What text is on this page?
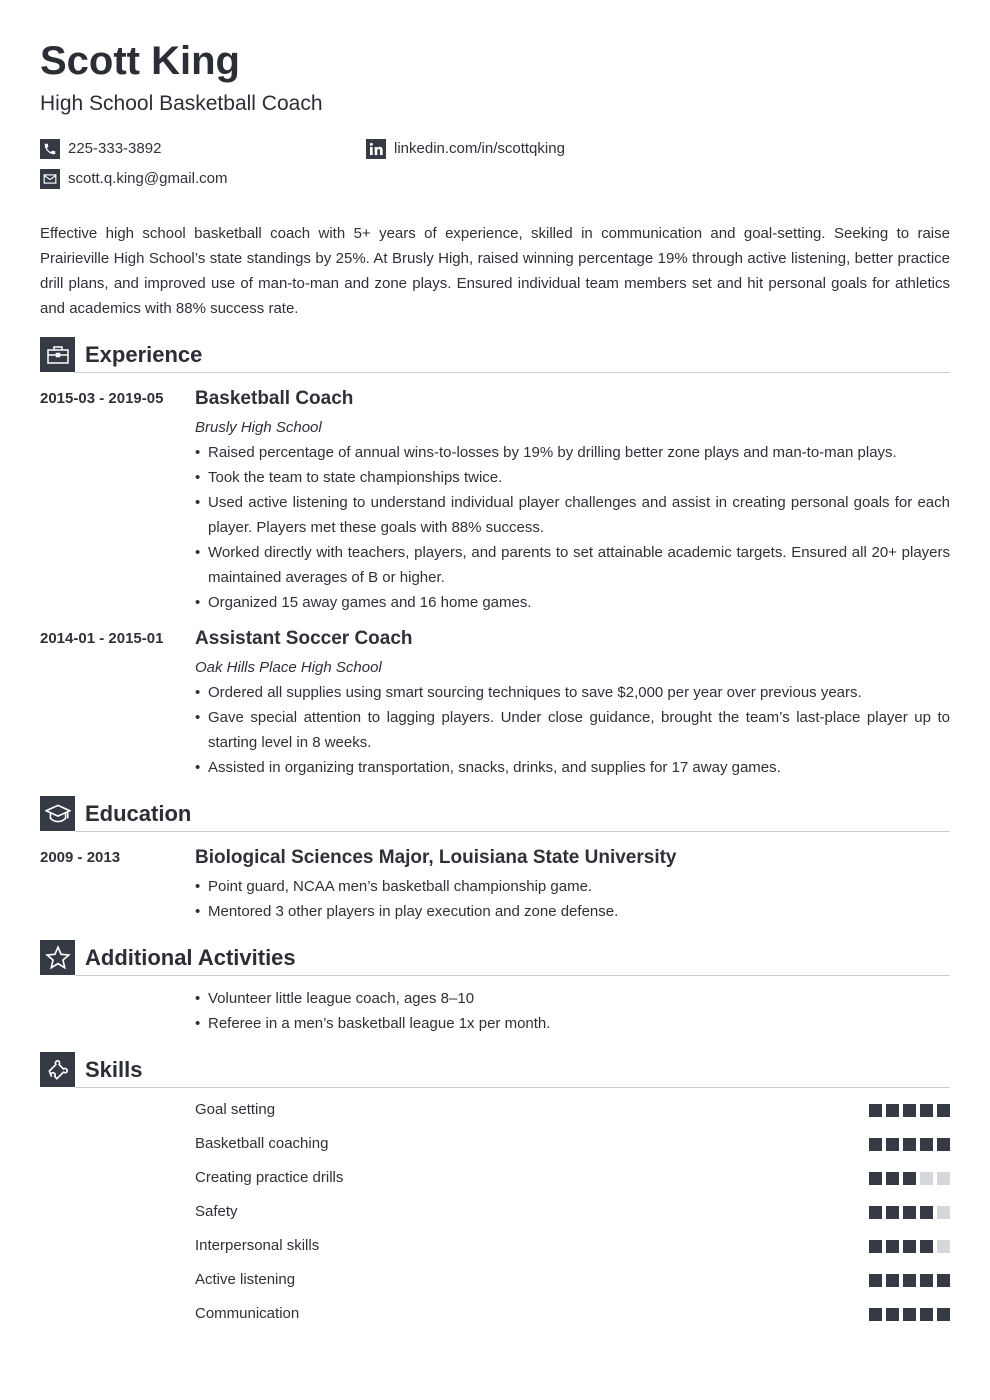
Scott King
High School Basketball Coach
225-333-3892	linkedin.com/in/scottqking
scott.q.king@gmail.com

Effective high school basketball coach with 5+ years of experience, skilled in communication and goal-setting. Seeking to raise Prairieville High School’s state standings by 25%. At Brusly High, raised winning percentage 19% through active listening, better practice drill plans, and improved use of man-to-man and zone plays. Ensured individual team members set and hit personal goals for athletics and academics with 88% success rate.

Experience
2015-03 - 2019-05 Basketball Coach
Brusly High School
• Raised percentage of annual wins-to-losses by 19% by drilling better zone plays and man-to-man plays.
• Took the team to state championships twice.
• Used active listening to understand individual player challenges and assist in creating personal goals for each player. Players met these goals with 88% success.
• Worked directly with teachers, players, and parents to set attainable academic targets. Ensured all 20+ players maintained averages of B or higher.
• Organized 15 away games and 16 home games.
2014-01 - 2015-01 Assistant Soccer Coach
Oak Hills Place High School
• Ordered all supplies using smart sourcing techniques to save $2,000 per year over previous years.
• Gave special attention to lagging players. Under close guidance, brought the team’s last-place player up to starting level in 8 weeks.
• Assisted in organizing transportation, snacks, drinks, and supplies for 17 away games.
Education
2009 - 2013	Biological Sciences Major, Louisiana State University
• Point guard, NCAA men’s basketball championship game.
• Mentored 3 other players in play execution and zone defense.
Additional Activities
• Volunteer little league coach, ages 8–10
• Referee in a men’s basketball league 1x per month.
Skills
Goal setting
Basketball coaching
Creating practice drills
Safety
Interpersonal skills
Active listening
Communication
